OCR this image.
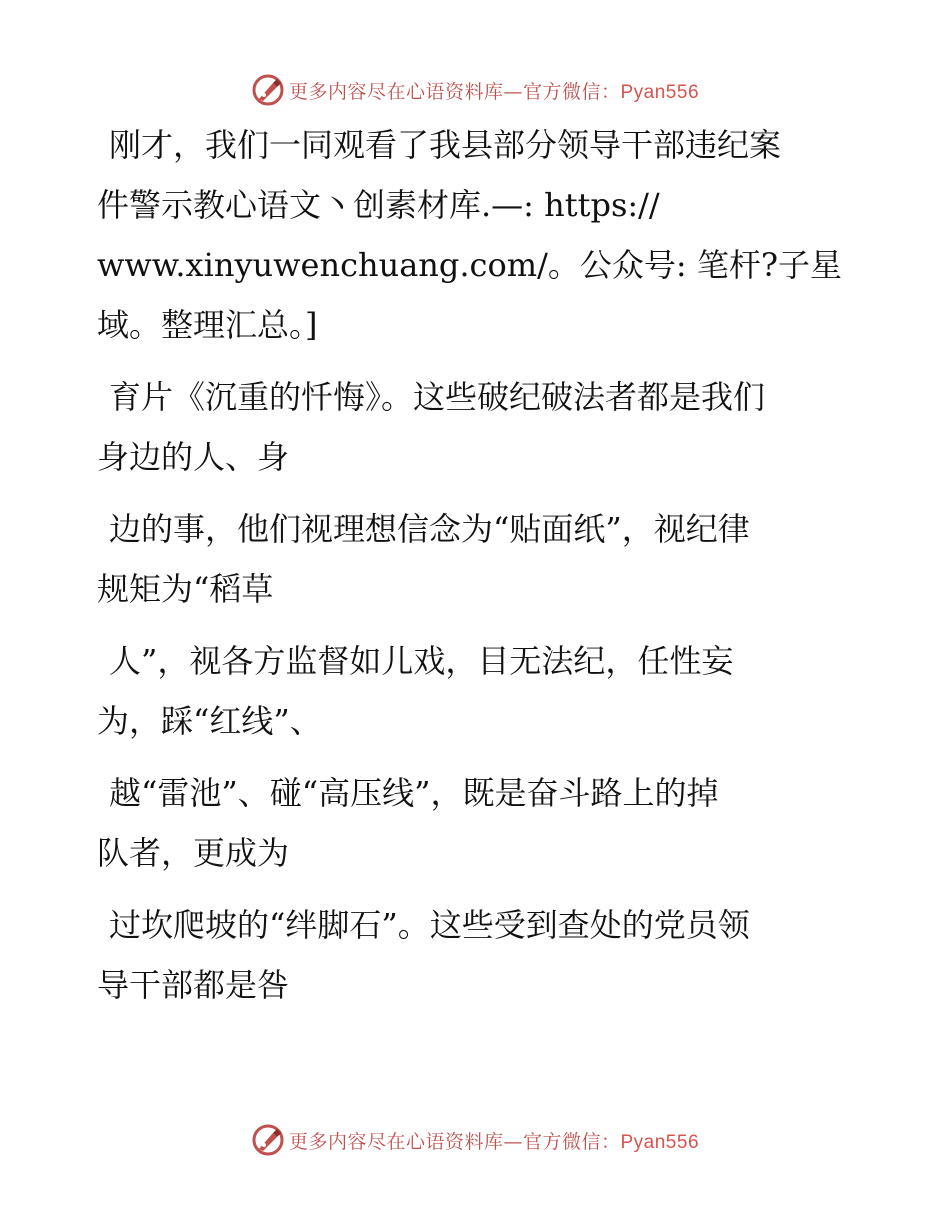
更多内容尽在心语资料库—官方微信：Pyan556

刚才，我们一同观看了我县部分领导干部违纪案
件警示教心语文丶创素材库.—: https://
www.xinyuwenchuang.com/。公众号: 笔杆?子星
域。整理汇总。]

育片《沉重的忏悔》。这些破纪破法者都是我们
身边的人、身

边的事，他们视理想信念为“贴面纸”，视纪律
规矩为“稻草

人”，视各方监督如儿戏，目无法纪，任性妄
为，踩“红线”、

越“雷池”、碰“高压线”，既是奋斗路上的掉
队者，更成为

过坎爬坡的“绊脚石”。这些受到查处的党员领
导干部都是咎

更多内容尽在心语资料库—官方微信：Pyan556
